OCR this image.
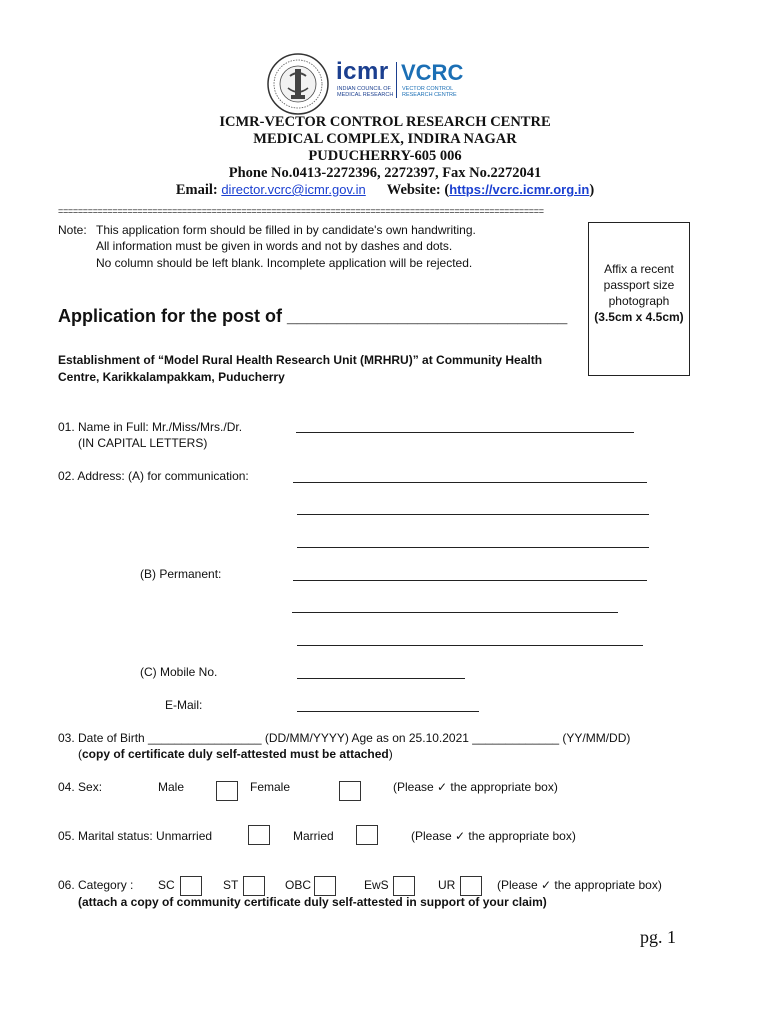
icmr
INDIAN COUNCIL OF MEDICAL RESEARCH
VCRC
VECTOR CONTROL RESEARCH CENTRE
ICMR-VECTOR CONTROL RESEARCH CENTRE
MEDICAL COMPLEX, INDIRA NAGAR
PUDUCHERRY-605 006
Phone No.0413-2272396, 2272397, Fax No.2272041
Email: director.vcrc@icmr.gov.in Website: (https://vcrc.icmr.org.in)
==================================================================================================
Note: This application form should be filled in by candidate's own handwriting.
All information must be given in words and not by dashes and dots.
No column should be left blank. Incomplete application will be rejected.	Affix a recent
passport size
photograph
(3.5cm x 4.5cm)
Application for the post of ____________________________
Establishment of “Model Rural Health Research Unit (MRHRU)” at Community Health
Centre, Karikkalampakkam, Puducherry
01. Name in Full: Mr./Miss/Mrs./Dr.
(IN CAPITAL LETTERS)
02. Address: (A) for communication:
(B) Permanent:
(C) Mobile No.
E-Mail:
03. Date of Birth _________________ (DD/MM/YYYY) Age as on 25.10.2021 _____________ (YY/MM/DD)
(copy of certificate duly self-attested must be attached)
04. Sex:	Male	Female	(Please ✓ the appropriate box)
05. Marital status: Unmarried	Married	(Please ✓ the appropriate box)
06. Category : SC	ST	OBC	EwS	UR	(Please ✓ the appropriate box)
(attach a copy of community certificate duly self-attested in support of your claim)
pg. 1
